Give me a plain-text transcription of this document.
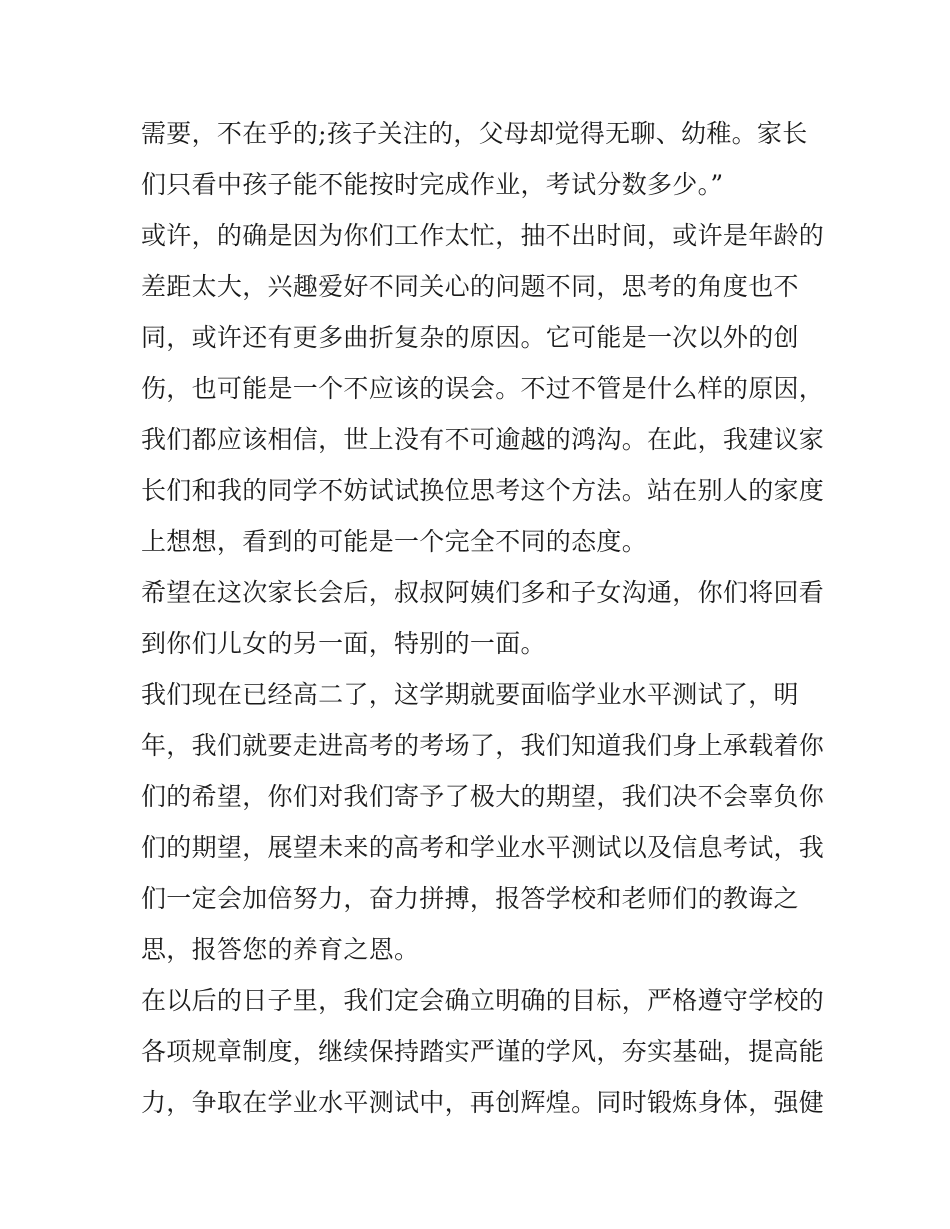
需要，不在乎的;孩子关注的，父母却觉得无聊、幼稚。家长
们只看中孩子能不能按时完成作业，考试分数多少。”
或许，的确是因为你们工作太忙，抽不出时间，或许是年龄的
差距太大，兴趣爱好不同关心的问题不同，思考的角度也不
同，或许还有更多曲折复杂的原因。它可能是一次以外的创
伤，也可能是一个不应该的误会。不过不管是什么样的原因，
我们都应该相信，世上没有不可逾越的鸿沟。在此，我建议家
长们和我的同学不妨试试换位思考这个方法。站在别人的家度
上想想，看到的可能是一个完全不同的态度。
希望在这次家长会后，叔叔阿姨们多和子女沟通，你们将回看
到你们儿女的另一面，特别的一面。
我们现在已经高二了，这学期就要面临学业水平测试了，明
年，我们就要走进高考的考场了，我们知道我们身上承载着你
们的希望，你们对我们寄予了极大的期望，我们决不会辜负你
们的期望，展望未来的高考和学业水平测试以及信息考试，我
们一定会加倍努力，奋力拼搏，报答学校和老师们的教诲之
思，报答您的养育之恩。
在以后的日子里，我们定会确立明确的目标，严格遵守学校的
各项规章制度，继续保持踏实严谨的学风，夯实基础，提高能
力，争取在学业水平测试中，再创辉煌。同时锻炼身体，强健
